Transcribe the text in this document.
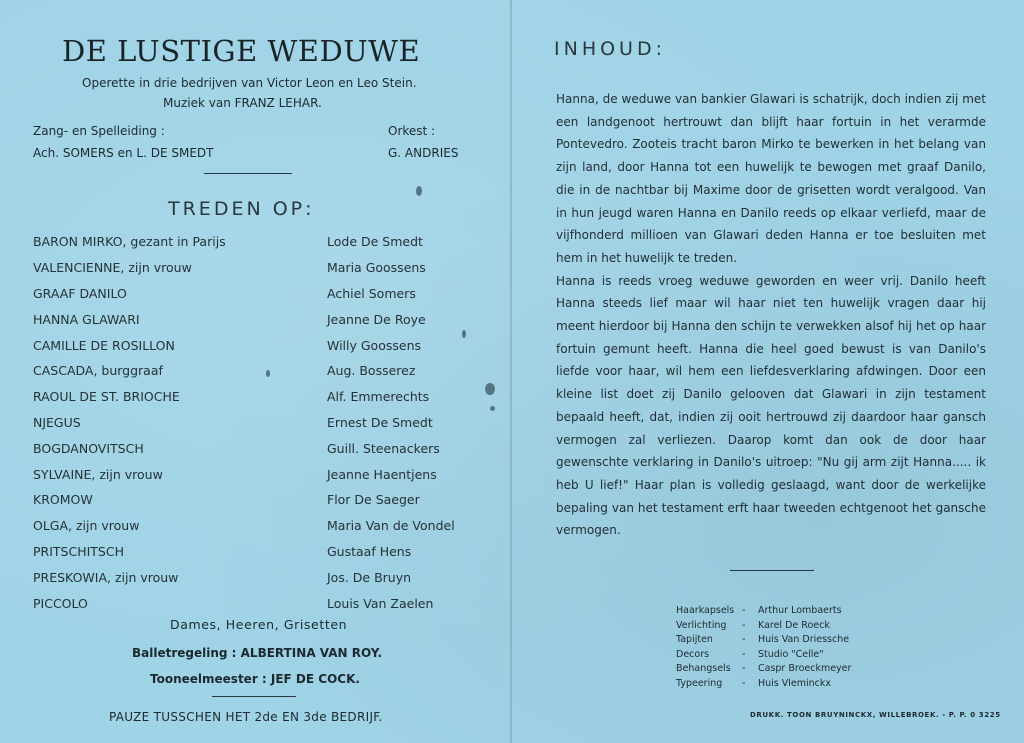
DE LUSTIGE WEDUWE
Operette in drie bedrijven van Victor Leon en Leo Stein.
Muziek van FRANZ LEHAR.
Zang- en Spelleiding :
Ach. SOMERS en L. DE SMEDT
Orkest :
G. ANDRIES
TREDEN OP:
BARON MIRKO, gezant in Parijs	Lode De Smedt
VALENCIENNE, zijn vrouw	Maria Goossens
GRAAF DANILO	Achiel Somers
HANNA GLAWARI	Jeanne De Roye
CAMILLE DE ROSILLON	Willy Goossens
CASCADA, burggraaf	Aug. Bosserez
RAOUL DE ST. BRIOCHE	Alf. Emmerechts
NJEGUS	Ernest De Smedt
BOGDANOVITSCH	Guill. Steenackers
SYLVAINE, zijn vrouw	Jeanne Haentjens
KROMOW	Flor De Saeger
OLGA, zijn vrouw	Maria Van de Vondel
PRITSCHITSCH	Gustaaf Hens
PRESKOWIA, zijn vrouw	Jos. De Bruyn
PICCOLO	Louis Van Zaelen
Dames, Heeren, Grisetten
Balletregeling : ALBERTINA VAN ROY.
Tooneelmeester : JEF DE COCK.
PAUZE TUSSCHEN HET 2de EN 3de BEDRIJF.
INHOUD:

Hanna, de weduwe van bankier Glawari is schatrijk, doch indien zij met een landgenoot hertrouwt dan blijft haar fortuin in het verarmde Pontevedro. Zooteis tracht baron Mirko te bewerken in het belang van zijn land, door Hanna tot een huwelijk te bewogen met graaf Danilo, die in de nachtbar bij Maxime door de grisetten wordt veralgood. Van in hun jeugd waren Hanna en Danilo reeds op elkaar verliefd, maar de vijfhonderd millioen van Glawari deden Hanna er toe besluiten met hem in het huwelijk te treden.

Hanna is reeds vroeg weduwe geworden en weer vrij. Danilo heeft Hanna steeds lief maar wil haar niet ten huwelijk vragen daar hij meent hierdoor bij Hanna den schijn te verwekken alsof hij het op haar fortuin gemunt heeft. Hanna die heel goed bewust is van Danilo's liefde voor haar, wil hem een liefdesverklaring afdwingen. Door een kleine list doet zij Danilo gelooven dat Glawari in zijn testament bepaald heeft, dat, indien zij ooit hertrouwd zij daardoor haar gansch vermogen zal verliezen. Daarop komt dan ook de door haar gewenschte verklaring in Danilo's uitroep: "Nu gij arm zijt Hanna..... ik heb U lief!" Haar plan is volledig geslaagd, want door de werkelijke bepaling van het testament erft haar tweeden echtgenoot het gansche vermogen.

Haarkapsels -	Arthur Lombaerts
Verlichting	-	Karel De Roeck
Tapijten	-	Huis Van Driessche
Decors	-	Studio "Celle"
Behangsels	-	Caspr Broeckmeyer
Typeering	-	Huis Vleminckx
DRUKK. TOON BRUYNINCKX, WILLEBROEK. - P. P. 0 3225
